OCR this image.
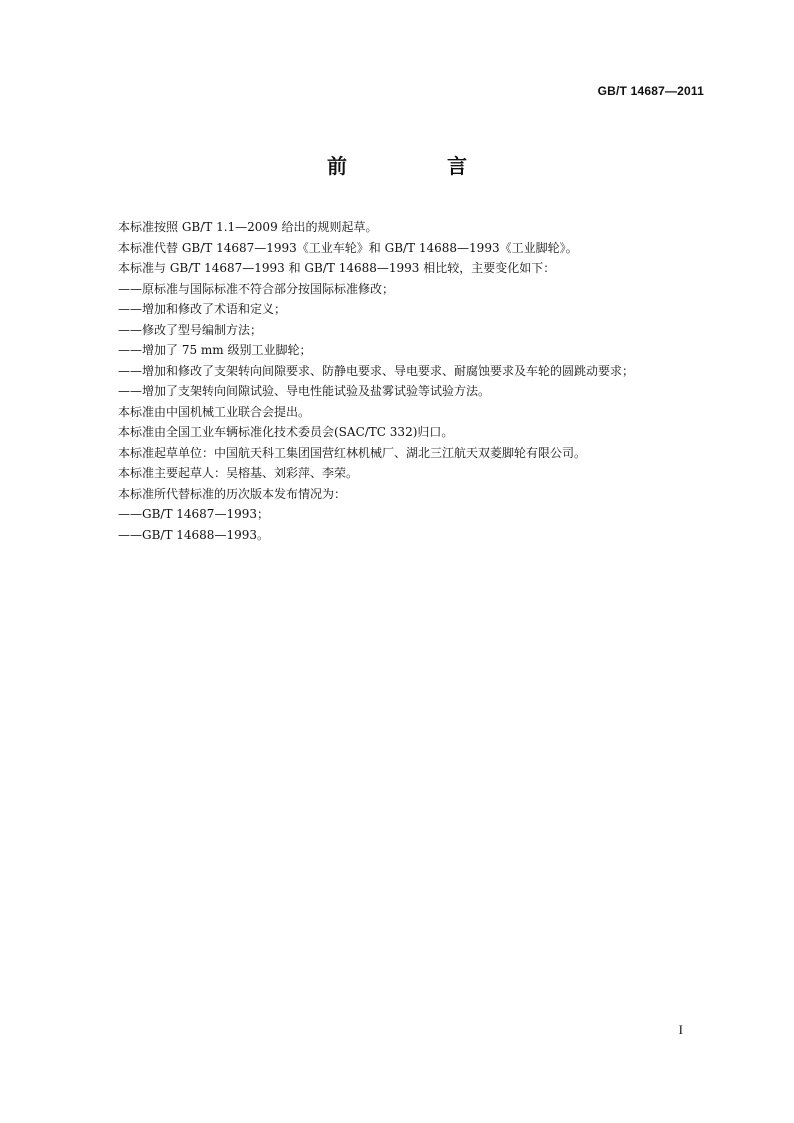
GB/T 14687—2011
前　言

本标准按照 GB/T 1.1—2009 给出的规则起草。

本标准代替 GB/T 14687—1993《工业车轮》和 GB/T 14688—1993《工业脚轮》。

本标准与 GB/T 14687—1993 和 GB/T 14688—1993 相比较，主要变化如下：

——原标准与国际标准不符合部分按国际标准修改；

——增加和修改了术语和定义；

——修改了型号编制方法；

——增加了 75 mm 级别工业脚轮；

——增加和修改了支架转向间隙要求、防静电要求、导电要求、耐腐蚀要求及车轮的圆跳动要求；

——增加了支架转向间隙试验、导电性能试验及盐雾试验等试验方法。

本标准由中国机械工业联合会提出。

本标准由全国工业车辆标准化技术委员会(SAC/TC 332)归口。

本标准起草单位：中国航天科工集团国营红林机械厂、湖北三江航天双菱脚轮有限公司。

本标准主要起草人：吴榕基、刘彩萍、李荣。

本标准所代替标准的历次版本发布情况为：

——GB/T 14687—1993；

——GB/T 14688—1993。

I
